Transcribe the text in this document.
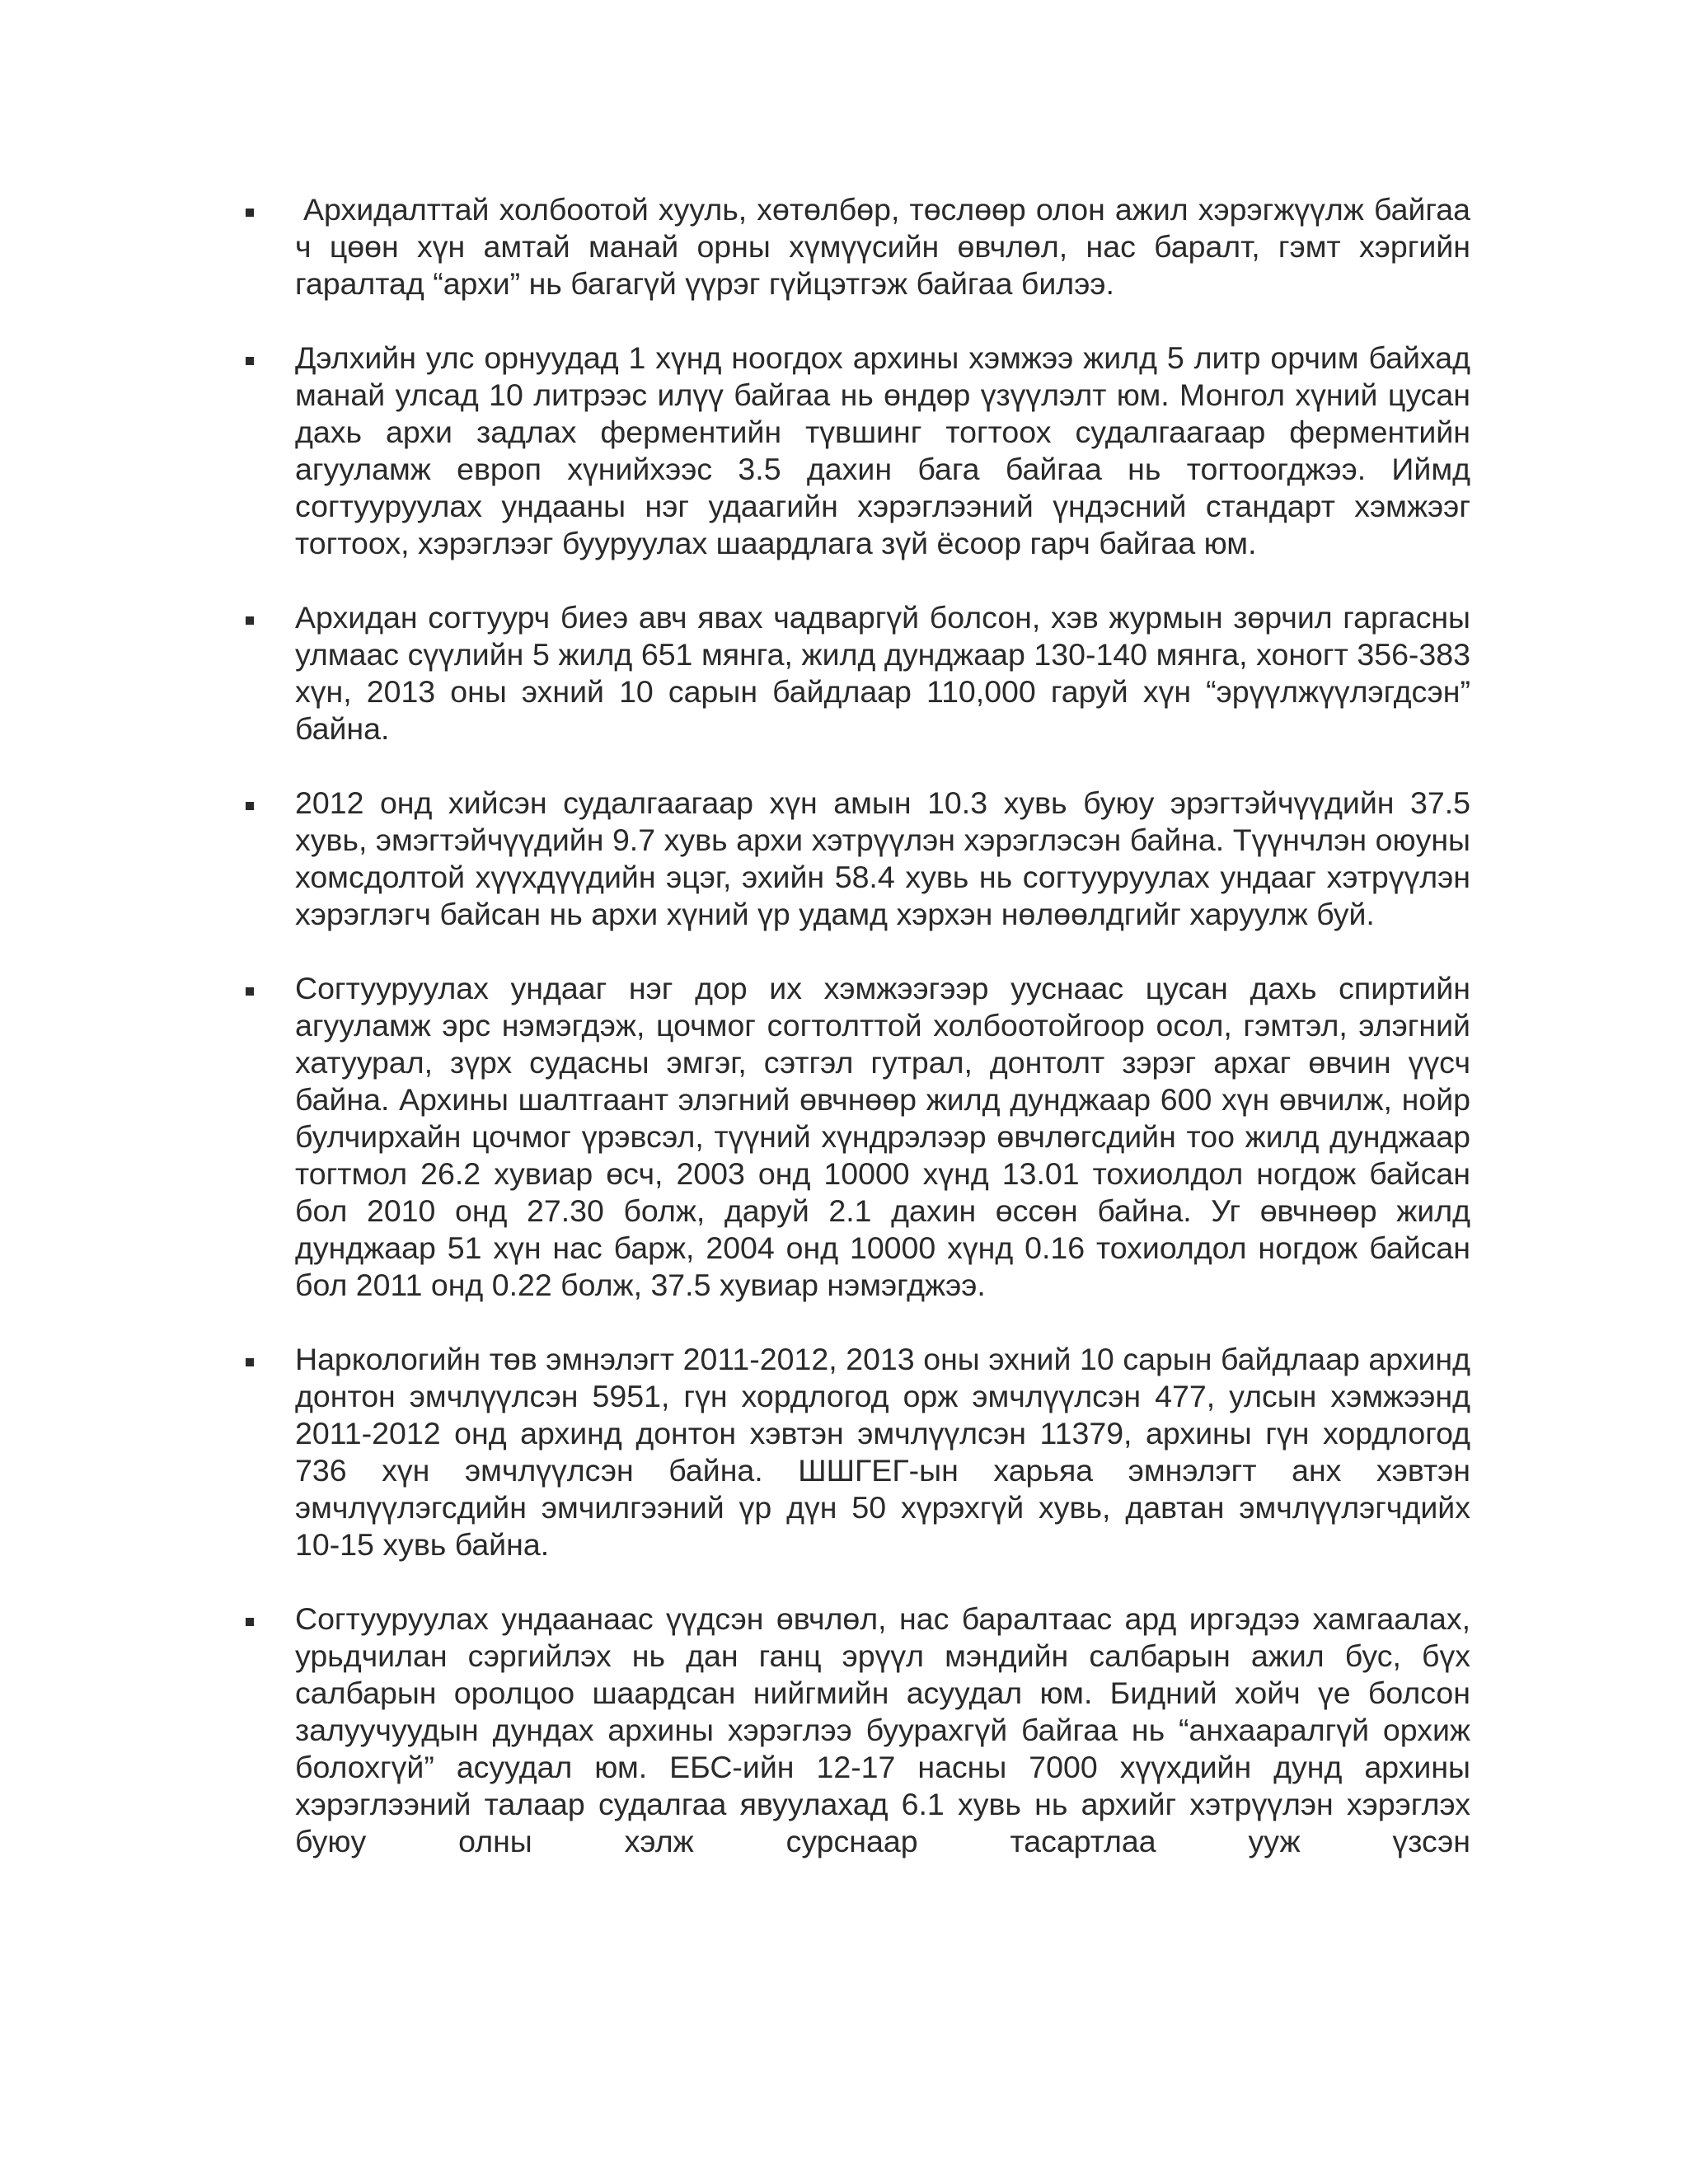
Архидалттай холбоотой хууль, хөтөлбөр, төслөөр олон ажил хэрэгжүүлж байгаа ч цөөн хүн амтай манай орны хүмүүсийн өвчлөл, нас баралт, гэмт хэргийн гаралтад “архи” нь багагүй үүрэг гүйцэтгэж байгаа билээ.
Дэлхийн улс орнуудад 1 хүнд ноогдох архины хэмжээ жилд 5 литр орчим байхад манай улсад 10 литрээс илүү байгаа нь өндөр үзүүлэлт юм. Монгол хүний цусан дахь архи задлах ферментийн түвшинг тогтоох судалгаагаар ферментийн агууламж европ хүнийхээс 3.5 дахин бага байгаа нь тогтоогджээ. Иймд согтууруулах ундааны нэг удаагийн хэрэглээний үндэсний стандарт хэмжээг тогтоох, хэрэглээг бууруулах шаардлага зүй ёсоор гарч байгаа юм.
Архидан согтуурч биеэ авч явах чадваргүй болсон, хэв журмын зөрчил гаргасны улмаас сүүлийн 5 жилд 651 мянга, жилд дунджаар 130-140 мянга, хоногт 356-383 хүн, 2013 оны эхний 10 сарын байдлаар 110,000 гаруй хүн “эрүүлжүүлэгдсэн” байна.
2012 онд хийсэн судалгаагаар хүн амын 10.3 хувь буюу эрэгтэйчүүдийн 37.5 хувь, эмэгтэйчүүдийн 9.7 хувь архи хэтрүүлэн хэрэглэсэн байна. Түүнчлэн оюуны хомсдолтой хүүхдүүдийн эцэг, эхийн 58.4 хувь нь согтууруулах ундааг хэтрүүлэн хэрэглэгч байсан нь архи хүний үр удамд хэрхэн нөлөөлдгийг харуулж буй.
Согтууруулах ундааг нэг дор их хэмжээгээр ууснаас цусан дахь спиртийн агууламж эрс нэмэгдэж, цочмог согтолттой холбоотойгоор осол, гэмтэл, элэгний хатуурал, зүрх судасны эмгэг, сэтгэл гутрал, донтолт зэрэг архаг өвчин үүсч байна. Архины шалтгаант элэгний өвчнөөр жилд дунджаар 600 хүн өвчилж, нойр булчирхайн цочмог үрэвсэл, түүний хүндрэлээр өвчлөгсдийн тоо жилд дунджаар тогтмол 26.2 хувиар өсч, 2003 онд 10000 хүнд 13.01 тохиолдол ногдож байсан бол 2010 онд 27.30 болж, даруй 2.1 дахин өссөн байна. Уг өвчнөөр жилд дунджаар 51 хүн нас барж, 2004 онд 10000 хүнд 0.16 тохиолдол ногдож байсан бол 2011 онд 0.22 болж, 37.5 хувиар нэмэгджээ.
Наркологийн төв эмнэлэгт 2011-2012, 2013 оны эхний 10 сарын байдлаар архинд донтон эмчлүүлсэн 5951, гүн хордлогод орж эмчлүүлсэн 477, улсын хэмжээнд 2011-2012 онд архинд донтон хэвтэн эмчлүүлсэн 11379, архины гүн хордлогод 736 хүн эмчлүүлсэн байна. ШШГЕГ-ын харьяа эмнэлэгт анх хэвтэн эмчлүүлэгсдийн эмчилгээний үр дүн 50 хүрэхгүй хувь, давтан эмчлүүлэгчдийх 10-15 хувь байна.
Согтууруулах ундаанаас үүдсэн өвчлөл, нас баралтаас ард иргэдээ хамгаалах, урьдчилан сэргийлэх нь дан ганц эрүүл мэндийн салбарын ажил бус, бүх салбарын оролцоо шаардсан нийгмийн асуудал юм. Бидний хойч үе болсон залуучуудын дундах архины хэрэглээ буурахгүй байгаа нь “анхааралгүй орхиж болохгүй” асуудал юм. ЕБС-ийн 12-17 насны 7000 хүүхдийн дунд архины хэрэглээний талаар судалгаа явуулахад 6.1 хувь нь архийг хэтрүүлэн хэрэглэх буюу олны хэлж сурснаар тасартлаа ууж үзсэн
